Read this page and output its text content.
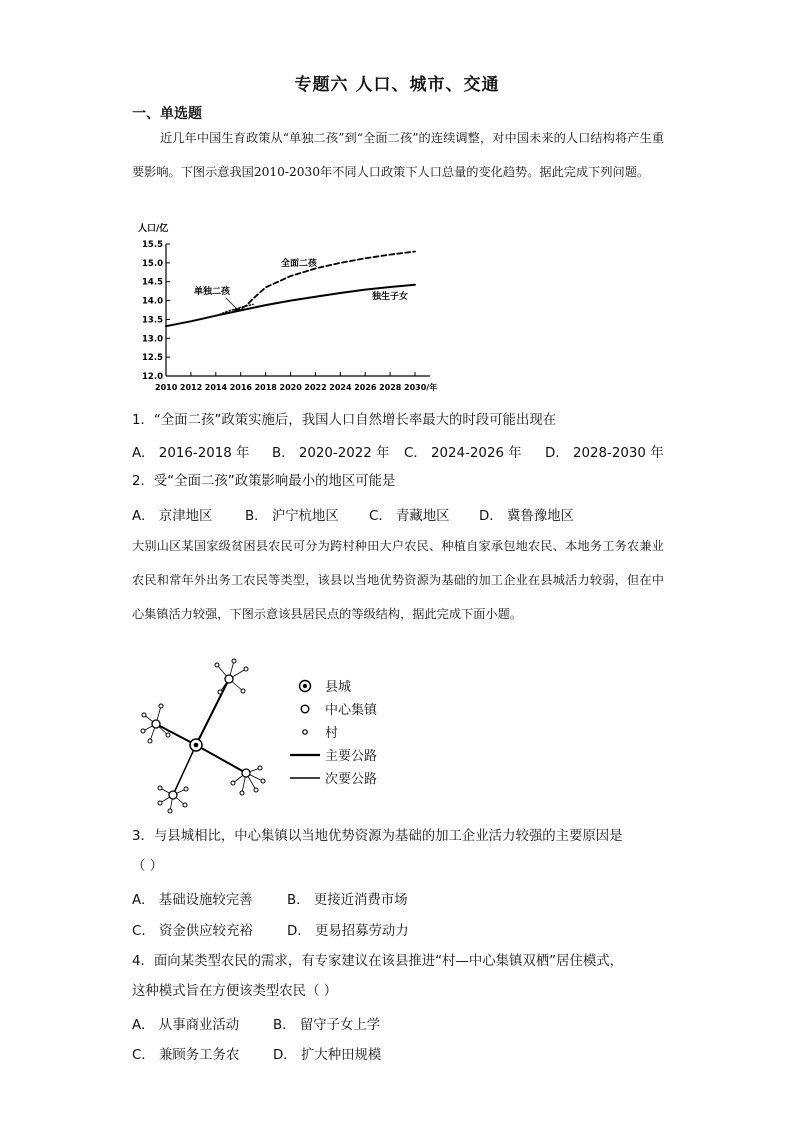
专题六 人口、城市、交通
一、单选题
近几年中国生育政策从“单独二孩”到“全面二孩”的连续调整，对中国未来的人口结构将产生重要影响。下图示意我国2010-2030年不同人口政策下人口总量的变化趋势。据此完成下列问题。
人口/亿
12.0
12.5
13.0
13.5
14.0
14.5
15.0
15.5
2010 2012 2014 2016 2018 2020 2022 2024 2026 2028 2030/年
全面二孩
单独二孩	独生子女
1．“全面二孩”政策实施后，我国人口自然增长率最大的时段可能出现在
A． 2016-2018 年 B． 2020-2022 年 C． 2024-2026 年 D． 2028-2030 年
2．受“全面二孩”政策影响最小的地区可能是
A． 京津地区 B． 沪宁杭地区 C． 青藏地区 D． 冀鲁豫地区
大别山区某国家级贫困县农民可分为跨村种田大户农民、种植自家承包地农民、本地务工务农兼业农民和常年外出务工农民等类型，该县以当地优势资源为基础的加工企业在县城活力较弱，但在中心集镇活力较强，下图示意该县居民点的等级结构，据此完成下面小题。
县城
中心集镇
村
主要公路
次要公路
3．与县城相比，中心集镇以当地优势资源为基础的加工企业活力较强的主要原因是
（ ）
A． 基础设施较完善	B． 更接近消费市场
C． 资金供应较充裕	D． 更易招募劳动力
4．面向某类型农民的需求，有专家建议在该县推进“村—中心集镇双栖”居住模式，
这种模式旨在方便该类型农民（ ）
A． 从事商业活动	B． 留守子女上学
C． 兼顾务工务农	D． 扩大种田规模
